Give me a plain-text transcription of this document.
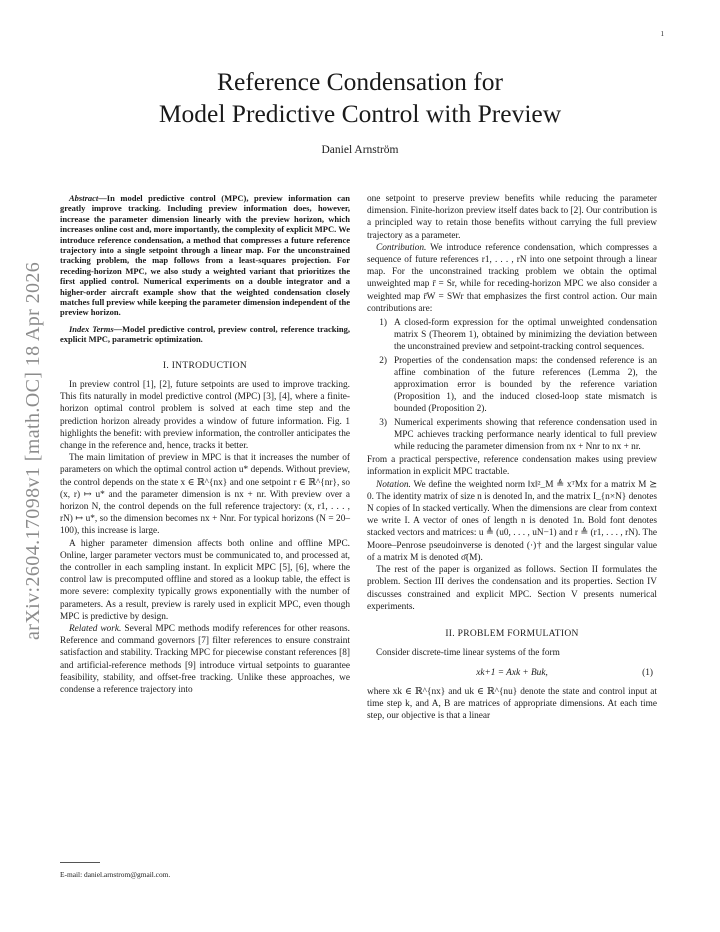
1
arXiv:2604.17098v1 [math.OC] 18 Apr 2026
Reference Condensation for
Model Predictive Control with Preview
Daniel Arnström

Abstract—In model predictive control (MPC), preview information can greatly improve tracking. Including preview information does, however, increase the parameter dimension linearly with the preview horizon, which increases online cost and, more importantly, the complexity of explicit MPC. We introduce reference condensation, a method that compresses a future reference trajectory into a single setpoint through a linear map. For the unconstrained tracking problem, the map follows from a least-squares projection. For receding-horizon MPC, we also study a weighted variant that prioritizes the first applied control. Numerical experiments on a double integrator and a higher-order aircraft example show that the weighted condensation closely matches full preview while keeping the parameter dimension independent of the preview horizon.

Index Terms—Model predictive control, preview control, reference tracking, explicit MPC, parametric optimization.

I. INTRODUCTION

In preview control [1], [2], future setpoints are used to improve tracking. This fits naturally in model predictive control (MPC) [3], [4], where a finite-horizon optimal control problem is solved at each time step and the prediction horizon already provides a window of future information. Fig. 1 highlights the benefit: with preview information, the controller anticipates the change in the reference and, hence, tracks it better.

The main limitation of preview in MPC is that it increases the number of parameters on which the optimal control action u* depends. Without preview, the control depends on the state x ∈ ℝ^{nx} and one setpoint r ∈ ℝ^{nr}, so (x, r) ↦ u* and the parameter dimension is nx + nr. With preview over a horizon N, the control depends on the full reference trajectory: (x, r1, . . . , rN) ↦ u*, so the dimension becomes nx + Nnr. For typical horizons (N = 20–100), this increase is large.

A higher parameter dimension affects both online and offline MPC. Online, larger parameter vectors must be communicated to, and processed at, the controller in each sampling instant. In explicit MPC [5], [6], where the control law is precomputed offline and stored as a lookup table, the effect is more severe: complexity typically grows exponentially with the number of parameters. As a result, preview is rarely used in explicit MPC, even though MPC is predictive by design.

Related work. Several MPC methods modify references for other reasons. Reference and command governors [7] filter references to ensure constraint satisfaction and stability. Tracking MPC for piecewise constant references [8] and artificial-reference methods [9] introduce virtual setpoints to guarantee feasibility, stability, and offset-free tracking. Unlike these approaches, we condense a reference trajectory into

one setpoint to preserve preview benefits while reducing the parameter dimension. Finite-horizon preview itself dates back to [2]. Our contribution is a principled way to retain those benefits without carrying the full preview trajectory as a parameter.

Contribution. We introduce reference condensation, which compresses a sequence of future references r1, . . . , rN into one setpoint through a linear map. For the unconstrained tracking problem we obtain the optimal unweighted map r̄ = Sr, while for receding-horizon MPC we also consider a weighted map r̄W = SWr that emphasizes the first control action. Our main contributions are:

1) A closed-form expression for the optimal unweighted condensation matrix S (Theorem 1), obtained by minimizing the deviation between the unconstrained preview and setpoint-tracking control sequences.
2) Properties of the condensation maps: the condensed reference is an affine combination of the future references (Lemma 2), the approximation error is bounded by the reference variation (Proposition 1), and the induced closed-loop state mismatch is bounded (Proposition 2).
3) Numerical experiments showing that reference condensation used in MPC achieves tracking performance nearly identical to full preview while reducing the parameter dimension from nx + Nnr to nx + nr.

From a practical perspective, reference condensation makes using preview information in explicit MPC tractable.

Notation. We define the weighted norm ‖x‖²_M ≜ xᵀMx for a matrix M ⪰ 0. The identity matrix of size n is denoted In, and the matrix I_{n×N} denotes N copies of In stacked vertically. When the dimensions are clear from context we write I. A vector of ones of length n is denoted 1n. Bold font denotes stacked vectors and matrices: u ≜ (u0, . . . , uN−1) and r ≜ (r1, . . . , rN). The Moore–Penrose pseudoinverse is denoted (·)† and the largest singular value of a matrix M is denoted σ̄(M).

The rest of the paper is organized as follows. Section II formulates the problem. Section III derives the condensation and its properties. Section IV discusses constrained and explicit MPC. Section V presents numerical experiments.

II. PROBLEM FORMULATION

Consider discrete-time linear systems of the form

xk+1 = Axk + Buk,	(1)

where xk ∈ ℝ^{nx} and uk ∈ ℝ^{nu} denote the state and control input at time step k, and A, B are matrices of appropriate dimensions. At each time step, our objective is that a linear

E-mail: daniel.arnstrom@gmail.com.
